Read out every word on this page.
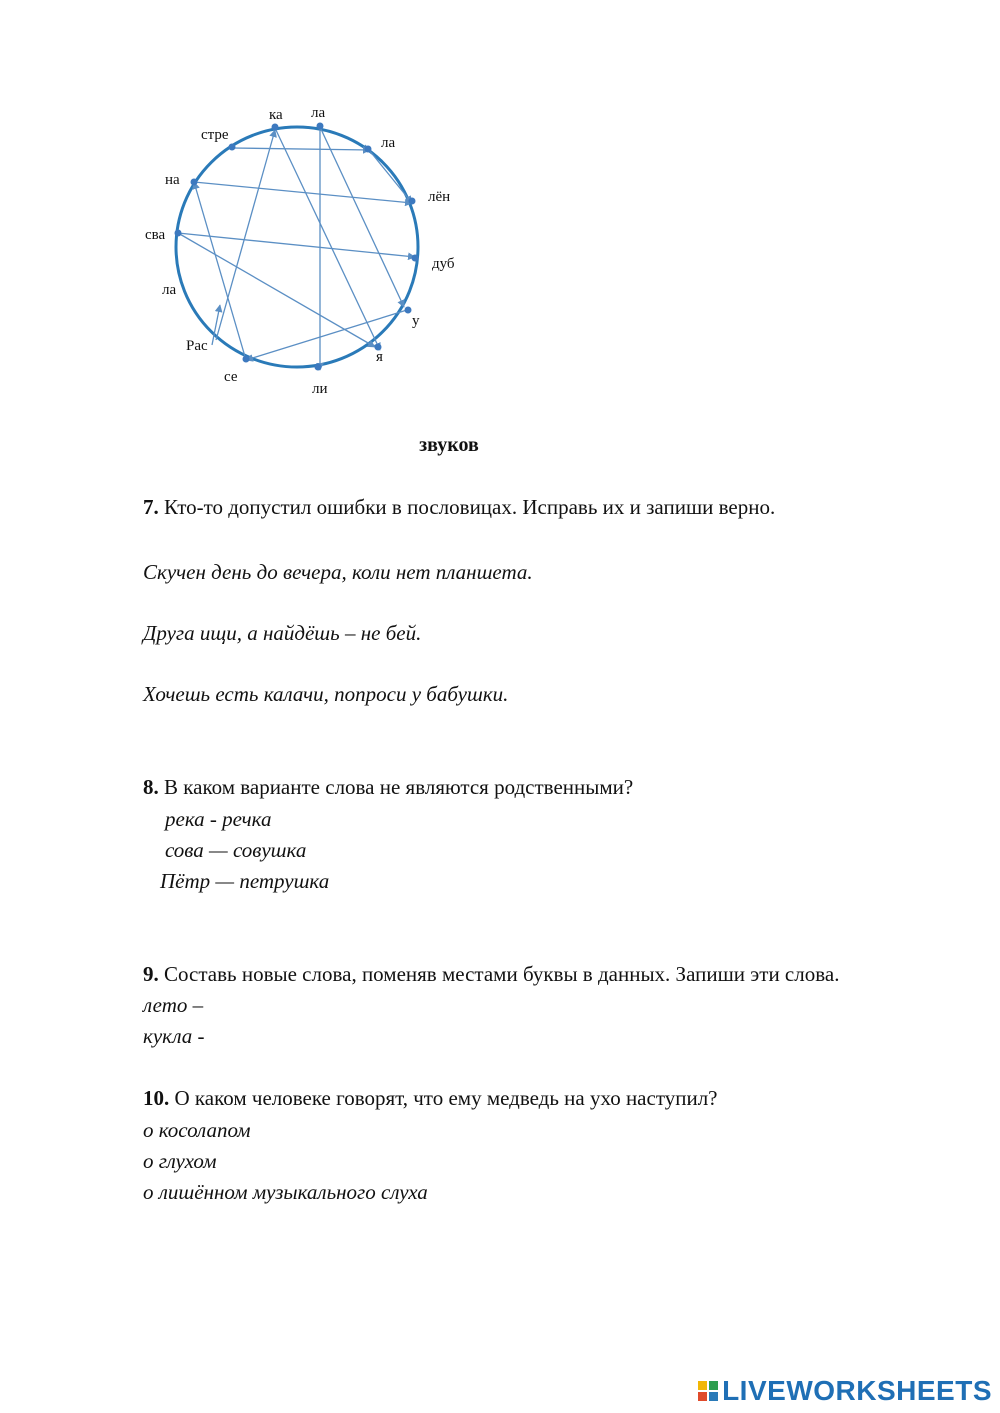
ка ла
стре	ла
на
лён
сва
дуб
ла
у
Рас
я
се
ли
звуков
7. Кто-то допустил ошибки в пословицах. Исправь их и запиши верно.
Скучен день до вечера, коли нет планшета.
Друга ищи, а найдёшь – не бей.
Хочешь есть калачи, попроси у бабушки.
8. В каком варианте слова не являются родственными?
река - речка
сова — совушка
Пётр — петрушка
9. Составь новые слова, поменяв местами буквы в данных. Запиши эти слова.
лето –
кукла -
10. О каком человеке говорят, что ему медведь на ухо наступил?
о косолапом
о глухом
о лишённом музыкального слуха
LIVEWORKSHEETS
